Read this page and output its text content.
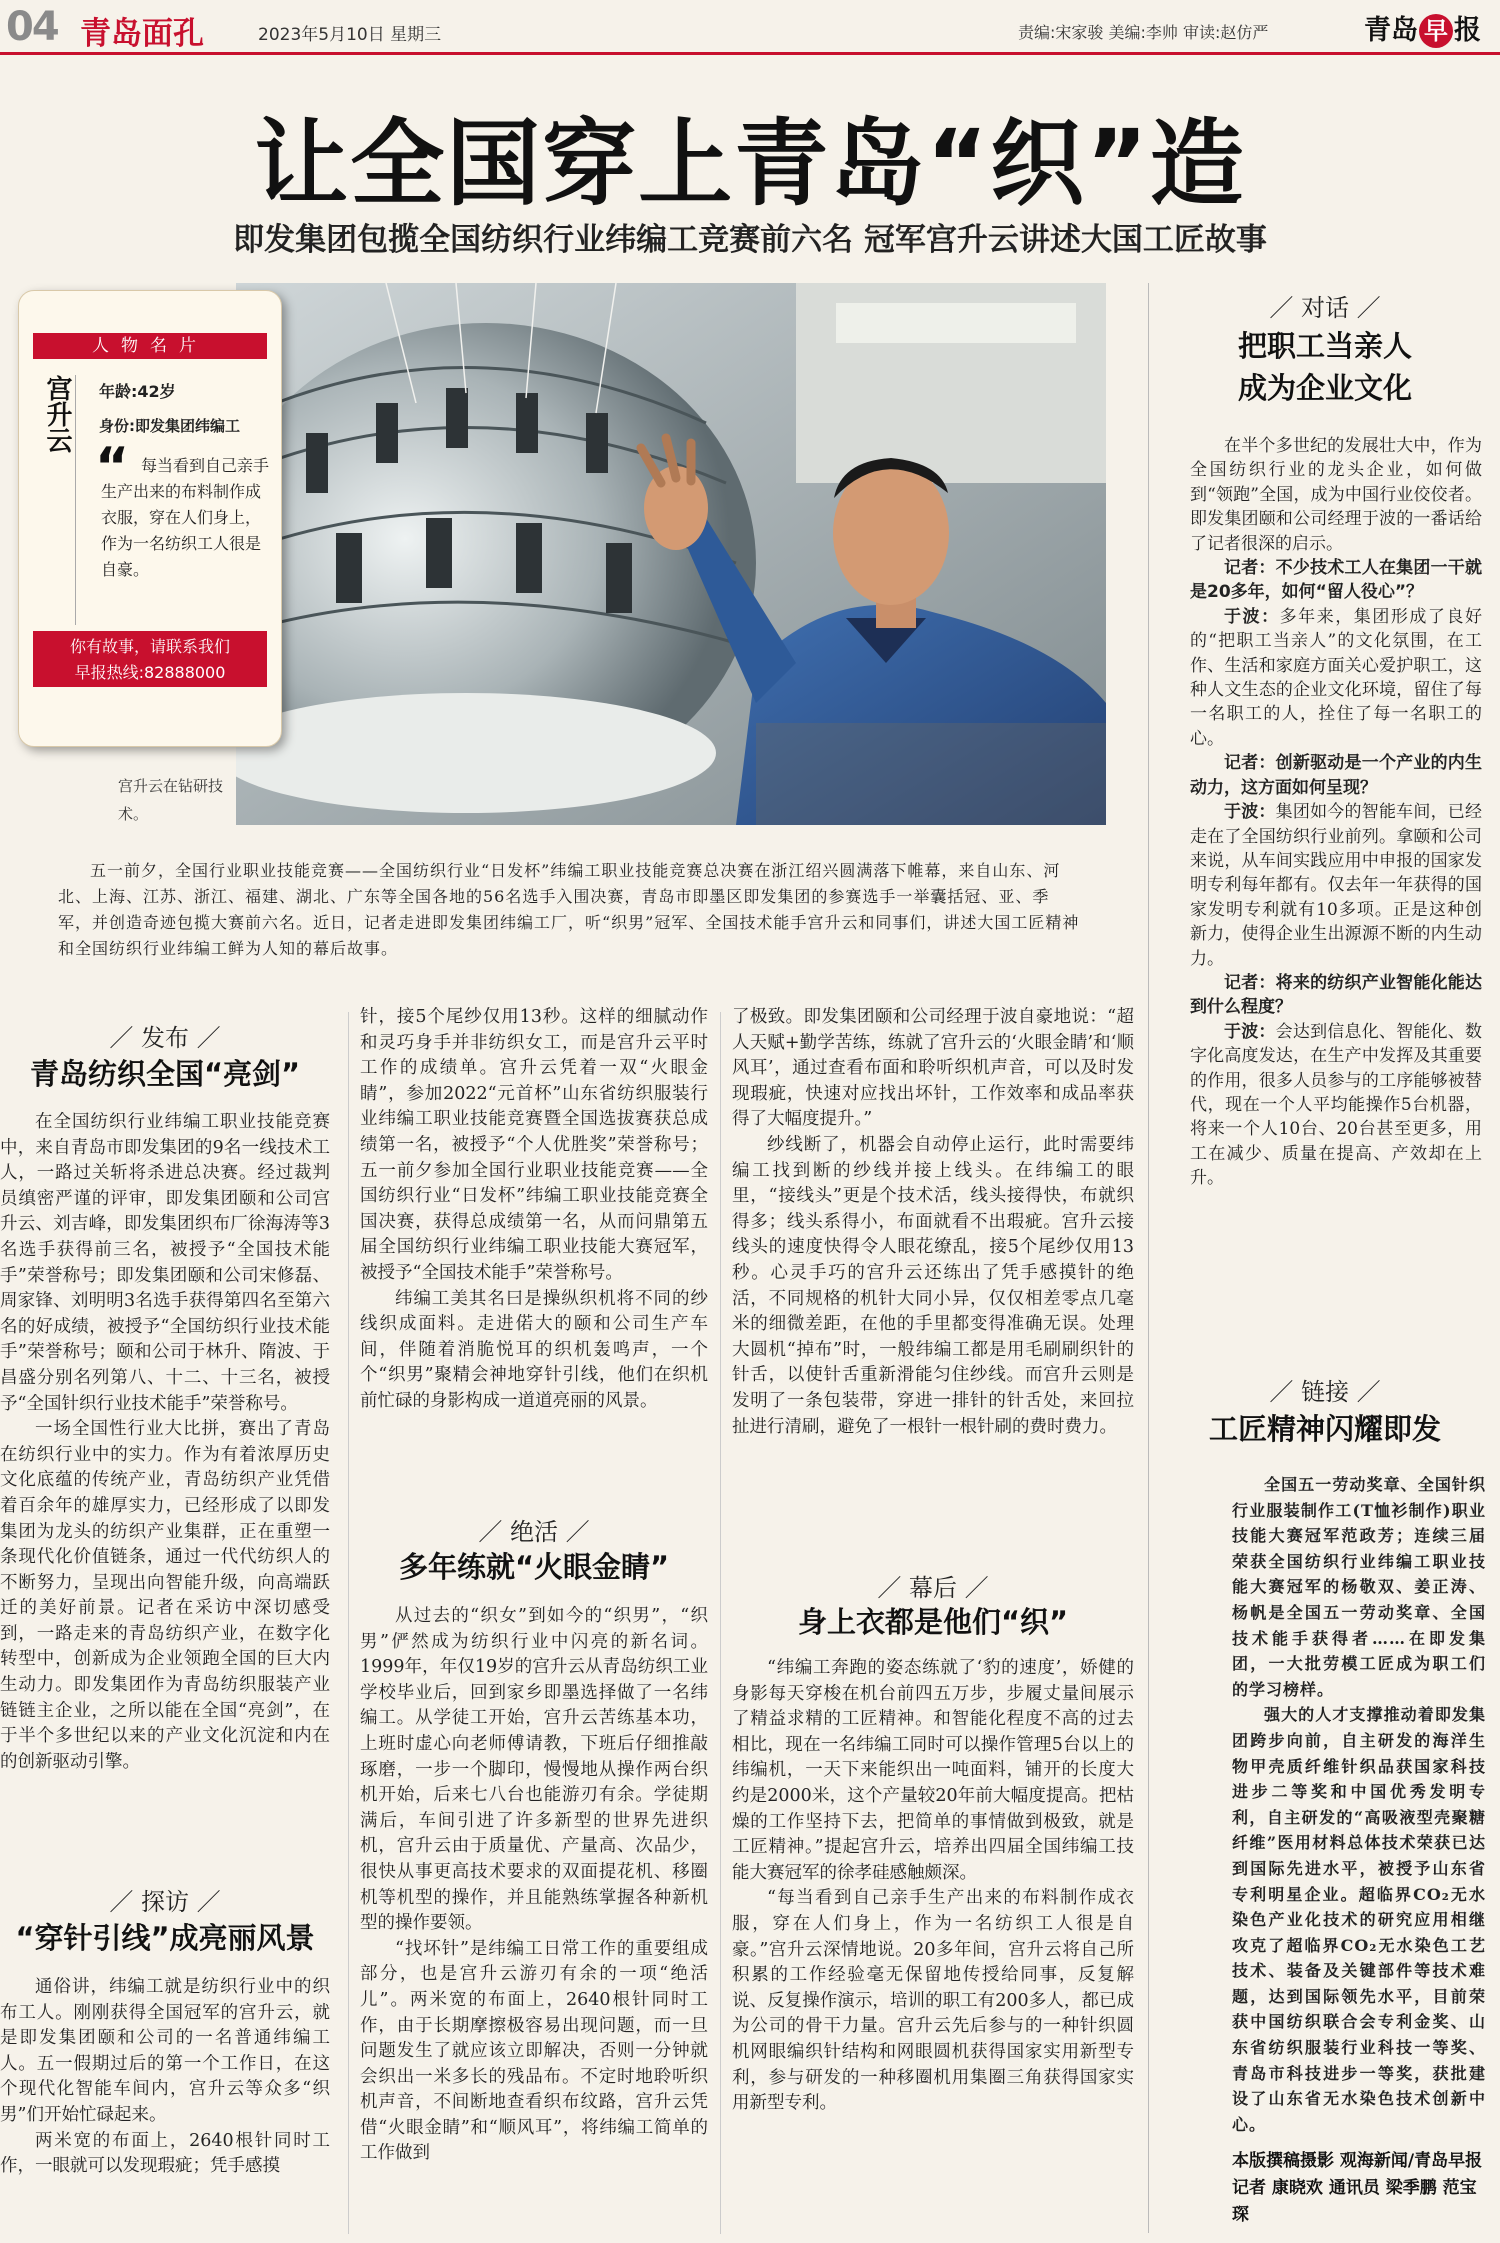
04 青岛面孔	2023年5月10日 星期三	责编:宋家骏 美编:李帅 审读:赵仿严	青岛 早 报
让全国穿上青岛“织”造
即发集团包揽全国纺织行业纬编工竞赛前六名 冠军宫升云讲述大国工匠故事
宫升云在钻研技术。
人物名片
宫升云 年龄:42岁
身份:即发集团纬编工
“ 每当看到自己亲手生产出来的布料制作成衣服，穿在人们身上，作为一名纺织工人很是自豪。
你有故事，请联系我们
早报热线:82888000
五一前夕，全国行业职业技能竞赛——全国纺织行业“日发杯”纬编工职业技能竞赛总决赛在浙江绍兴圆满落下帷幕，来自山东、河北、上海、江苏、浙江、福建、湖北、广东等全国各地的56名选手入围决赛，青岛市即墨区即发集团的参赛选手一举囊括冠、亚、季军，并创造奇迹包揽大赛前六名。近日，记者走进即发集团纬编工厂，听“织男”冠军、全国技术能手宫升云和同事们，讲述大国工匠精神和全国纺织行业纬编工鲜为人知的幕后故事。
／ 发布 ／
青岛纺织全国“亮剑”

在全国纺织行业纬编工职业技能竞赛中，来自青岛市即发集团的9名一线技术工人，一路过关斩将杀进总决赛。经过裁判员缜密严谨的评审，即发集团颐和公司宫升云、刘吉峰，即发集团织布厂徐海涛等3名选手获得前三名，被授予“全国技术能手”荣誉称号；即发集团颐和公司宋修磊、周家锋、刘明明3名选手获得第四名至第六名的好成绩，被授予“全国纺织行业技术能手”荣誉称号；颐和公司于林升、隋波、于昌盛分别名列第八、十二、十三名，被授予“全国针织行业技术能手”荣誉称号。

一场全国性行业大比拼，赛出了青岛在纺织行业中的实力。作为有着浓厚历史文化底蕴的传统产业，青岛纺织产业凭借着百余年的雄厚实力，已经形成了以即发集团为龙头的纺织产业集群，正在重塑一条现代化价值链条，通过一代代纺织人的不断努力，呈现出向智能升级，向高端跃迁的美好前景。记者在采访中深切感受到，一路走来的青岛纺织产业，在数字化转型中，创新成为企业领跑全国的巨大内生动力。即发集团作为青岛纺织服装产业链链主企业，之所以能在全国“亮剑”，在于半个多世纪以来的产业文化沉淀和内在的创新驱动引擎。

／ 探访 ／
“穿针引线”成亮丽风景

通俗讲，纬编工就是纺织行业中的织布工人。刚刚获得全国冠军的宫升云，就是即发集团颐和公司的一名普通纬编工人。五一假期过后的第一个工作日，在这个现代化智能车间内，宫升云等众多“织男”们开始忙碌起来。

两米宽的布面上，2640根针同时工作，一眼就可以发现瑕疵；凭手感摸

针，接5个尾纱仅用13秒。这样的细腻动作和灵巧身手并非纺织女工，而是宫升云平时工作的成绩单。宫升云凭着一双“火眼金睛”，参加2022“元首杯”山东省纺织服装行业纬编工职业技能竞赛暨全国选拔赛获总成绩第一名，被授予“个人优胜奖”荣誉称号；五一前夕参加全国行业职业技能竞赛——全国纺织行业“日发杯”纬编工职业技能竞赛全国决赛，获得总成绩第一名，从而问鼎第五届全国纺织行业纬编工职业技能大赛冠军，被授予“全国技术能手”荣誉称号。

纬编工美其名曰是操纵织机将不同的纱线织成面料。走进偌大的颐和公司生产车间，伴随着消脆悦耳的织机轰鸣声，一个个“织男”聚精会神地穿针引线，他们在织机前忙碌的身影构成一道道亮丽的风景。

／ 绝活 ／
多年练就“火眼金睛”

从过去的“织女”到如今的“织男”，“织男”俨然成为纺织行业中闪亮的新名词。1999年，年仅19岁的宫升云从青岛纺织工业学校毕业后，回到家乡即墨选择做了一名纬编工。从学徒工开始，宫升云苦练基本功，上班时虚心向老师傅请教，下班后仔细推敲琢磨，一步一个脚印，慢慢地从操作两台织机开始，后来七八台也能游刃有余。学徒期满后，车间引进了许多新型的世界先进织机，宫升云由于质量优、产量高、次品少，很快从事更高技术要求的双面提花机、移圈机等机型的操作，并且能熟练掌握各种新机型的操作要领。

“找坏针”是纬编工日常工作的重要组成部分，也是宫升云游刃有余的一项“绝活儿”。两米宽的布面上，2640根针同时工作，由于长期摩擦极容易出现问题，而一旦问题发生了就应该立即解决，否则一分钟就会织出一米多长的残品布。不定时地聆听织机声音，不间断地查看织布纹路，宫升云凭借“火眼金睛”和“顺风耳”，将纬编工简单的工作做到

了极致。即发集团颐和公司经理于波自豪地说：“超人天赋+勤学苦练，练就了宫升云的‘火眼金睛’和‘顺风耳’，通过查看布面和聆听织机声音，可以及时发现瑕疵，快速对应找出坏针，工作效率和成品率获得了大幅度提升。”

纱线断了，机器会自动停止运行，此时需要纬编工找到断的纱线并接上线头。在纬编工的眼里，“接线头”更是个技术活，线头接得快，布就织得多；线头系得小，布面就看不出瑕疵。宫升云接线头的速度快得令人眼花缭乱，接5个尾纱仅用13秒。心灵手巧的宫升云还练出了凭手感摸针的绝活，不同规格的机针大同小异，仅仅相差零点几毫米的细微差距，在他的手里都变得准确无误。处理大圆机“掉布”时，一般纬编工都是用毛刷刷织针的针舌，以使针舌重新滑能匀住纱线。而宫升云则是发明了一条包装带，穿进一排针的针舌处，来回拉扯进行清刷，避免了一根针一根针刷的费时费力。

／ 幕后 ／
身上衣都是他们“织”

“纬编工奔跑的姿态练就了‘豹的速度’，娇健的身影每天穿梭在机台前四五万步，步履丈量间展示了精益求精的工匠精神。和智能化程度不高的过去相比，现在一名纬编工同时可以操作管理5台以上的纬编机，一天下来能织出一吨面料，铺开的长度大约是2000米，这个产量较20年前大幅度提高。把枯燥的工作坚持下去，把简单的事情做到极致，就是工匠精神。”提起宫升云，培养出四届全国纬编工技能大赛冠军的徐孝硅感触颇深。

“每当看到自己亲手生产出来的布料制作成衣服，穿在人们身上，作为一名纺织工人很是自豪。”宫升云深情地说。20多年间，宫升云将自己所积累的工作经验毫无保留地传授给同事，反复解说、反复操作演示，培训的职工有200多人，都已成为公司的骨干力量。宫升云先后参与的一种针织圆机网眼编织针结构和网眼圆机获得国家实用新型专利，参与研发的一种移圈机用集圈三角获得国家实用新型专利。

／ 对话 ／
把职工当亲人
成为企业文化

在半个多世纪的发展壮大中，作为全国纺织行业的龙头企业，如何做到“领跑”全国，成为中国行业佼佼者。即发集团颐和公司经理于波的一番话给了记者很深的启示。

记者：不少技术工人在集团一干就是20多年，如何“留人役心”？

于波：多年来，集团形成了良好的“把职工当亲人”的文化氛围，在工作、生活和家庭方面关心爱护职工，这种人文生态的企业文化环境，留住了每一名职工的人，拴住了每一名职工的心。

记者：创新驱动是一个产业的内生动力，这方面如何呈现？

于波：集团如今的智能车间，已经走在了全国纺织行业前列。拿颐和公司来说，从车间实践应用中申报的国家发明专利每年都有。仅去年一年获得的国家发明专利就有10多项。正是这种创新力，使得企业生出源源不断的内生动力。

记者：将来的纺织产业智能化能达到什么程度？

于波：会达到信息化、智能化、数字化高度发达，在生产中发挥及其重要的作用，很多人员参与的工序能够被替代，现在一个人平均能操作5台机器，将来一个人10台、20台甚至更多，用工在减少、质量在提高、产效却在上升。

／ 链接 ／
工匠精神闪耀即发

全国五一劳动奖章、全国针织行业服装制作工(T恤衫制作)职业技能大赛冠军范政芳；连续三届荣获全国纺织行业纬编工职业技能大赛冠军的杨敬双、姜正涛、杨帆是全国五一劳动奖章、全国技术能手获得者……在即发集团，一大批劳模工匠成为职工们的学习榜样。

强大的人才支撑推动着即发集团跨步向前，自主研发的海洋生物甲壳质纤维针织品获国家科技进步二等奖和中国优秀发明专利，自主研发的“高吸液型壳聚糖纤维”医用材料总体技术荣获已达到国际先进水平，被授予山东省专利明星企业。超临界CO₂无水染色产业化技术的研究应用相继攻克了超临界CO₂无水染色工艺技术、装备及关键部件等技术难题，达到国际领先水平，目前荣获中国纺织联合会专利金奖、山东省纺织服装行业科技一等奖、青岛市科技进步一等奖，获批建设了山东省无水染色技术创新中心。

本版撰稿摄影 观海新闻/青岛早报记者 康晓欢 通讯员 梁季鹏 范宝琛
